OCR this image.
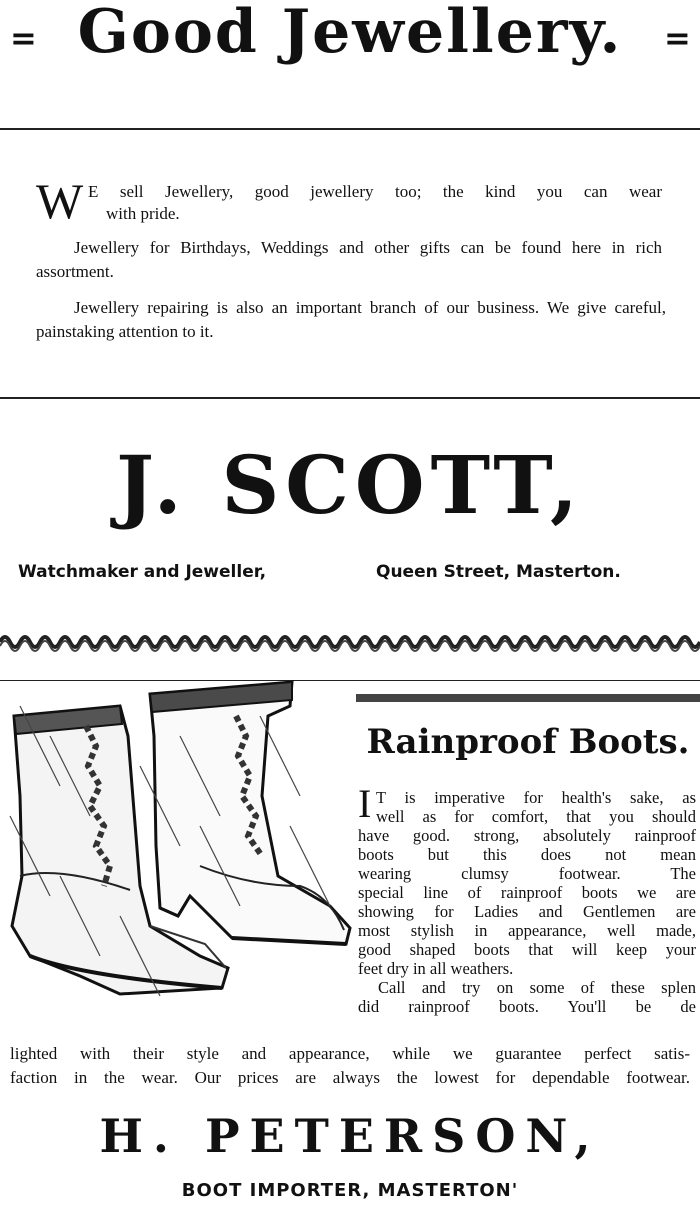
= Good Jewellery.	=
W E sell Jewellery, good jewellery too; the kind you can wear
with pride.
Jewellery for Birthdays, Weddings and other gifts can be found here in rich assortment.
Jewellery repairing is also an important branch of our business. We give careful, painstaking attention to it.
J. SCOTT,
Watchmaker and Jeweller,	Queen Street, Masterton.
Rainproof Boots.
I T is imperative for health's sake, as
well as for comfort, that you should
have good. strong, absolutely rainproof
boots but this does not mean
wearing clumsy footwear. The
special line of rainproof boots we are
showing for Ladies and Gentlemen are
most stylish in appearance, well made,
good shaped boots that will keep your
feet dry in all weathers.
Call and try on some of these splen
did rainproof boots. You'll be de
lighted with their style and appearance, while we guarantee perfect satis-
faction in the wear. Our prices are always the lowest for dependable footwear.
H. PETERSON,
BOOT IMPORTER, MASTERTON'
